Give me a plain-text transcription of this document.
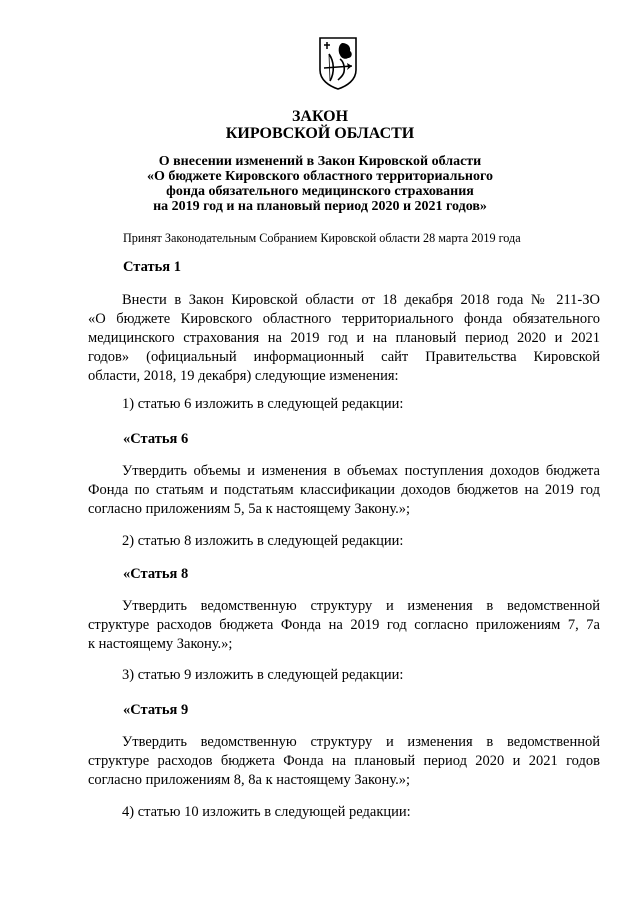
ЗАКОН
КИРОВСКОЙ ОБЛАСТИ
О внесении изменений в Закон Кировской области
«О бюджете Кировского областного территориального
фонда обязательного медицинского страхования
на 2019 год и на плановый период 2020 и 2021 годов»
Принят Законодательным Собранием Кировской области 28 марта 2019 года
Статья 1
Внести в Закон Кировской области от 18 декабря 2018 года № 211-ЗО
«О бюджете Кировского областного территориального фонда обязательного
медицинского страхования на 2019 год и на плановый период 2020 и 2021
годов» (официальный информационный сайт Правительства Кировской
области, 2018, 19 декабря) следующие изменения:
1) статью 6 изложить в следующей редакции:
«Статья 6
Утвердить объемы и изменения в объемах поступления доходов бюджета
Фонда по статьям и подстатьям классификации доходов бюджетов на 2019 год
согласно приложениям 5, 5а к настоящему Закону.»;
2) статью 8 изложить в следующей редакции:
«Статья 8
Утвердить ведомственную структуру и изменения в ведомственной
структуре расходов бюджета Фонда на 2019 год согласно приложениям 7, 7а
к настоящему Закону.»;
3) статью 9 изложить в следующей редакции:
«Статья 9
Утвердить ведомственную структуру и изменения в ведомственной
структуре расходов бюджета Фонда на плановый период 2020 и 2021 годов
согласно приложениям 8, 8а к настоящему Закону.»;
4) статью 10 изложить в следующей редакции:
